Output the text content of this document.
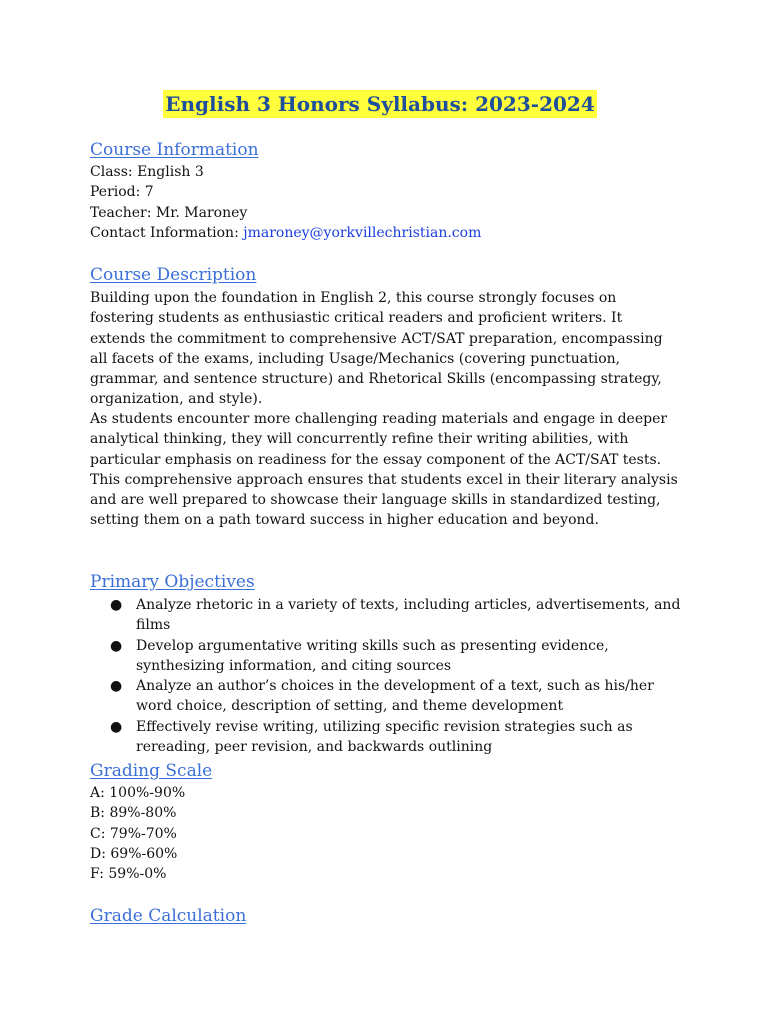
English 3 Honors Syllabus: 2023-2024
Course Information
Class: English 3
Period: 7
Teacher: Mr. Maroney
Contact Information: jmaroney@yorkvillechristian.com
Course Description
Building upon the foundation in English 2, this course strongly focuses on fostering students as enthusiastic critical readers and proficient writers. It extends the commitment to comprehensive ACT/SAT preparation, encompassing all facets of the exams, including Usage/Mechanics (covering punctuation, grammar, and sentence structure) and Rhetorical Skills (encompassing strategy, organization, and style).
As students encounter more challenging reading materials and engage in deeper analytical thinking, they will concurrently refine their writing abilities, with particular emphasis on readiness for the essay component of the ACT/SAT tests. This comprehensive approach ensures that students excel in their literary analysis and are well prepared to showcase their language skills in standardized testing, setting them on a path toward success in higher education and beyond.
Primary Objectives
● Analyze rhetoric in a variety of texts, including articles, advertisements, and films
● Develop argumentative writing skills such as presenting evidence, synthesizing information, and citing sources
● Analyze an author’s choices in the development of a text, such as his/her word choice, description of setting, and theme development
● Effectively revise writing, utilizing specific revision strategies such as rereading, peer revision, and backwards outlining
Grading Scale
A: 100%-90%
B: 89%-80%
C: 79%-70%
D: 69%-60%
F: 59%-0%
Grade Calculation
